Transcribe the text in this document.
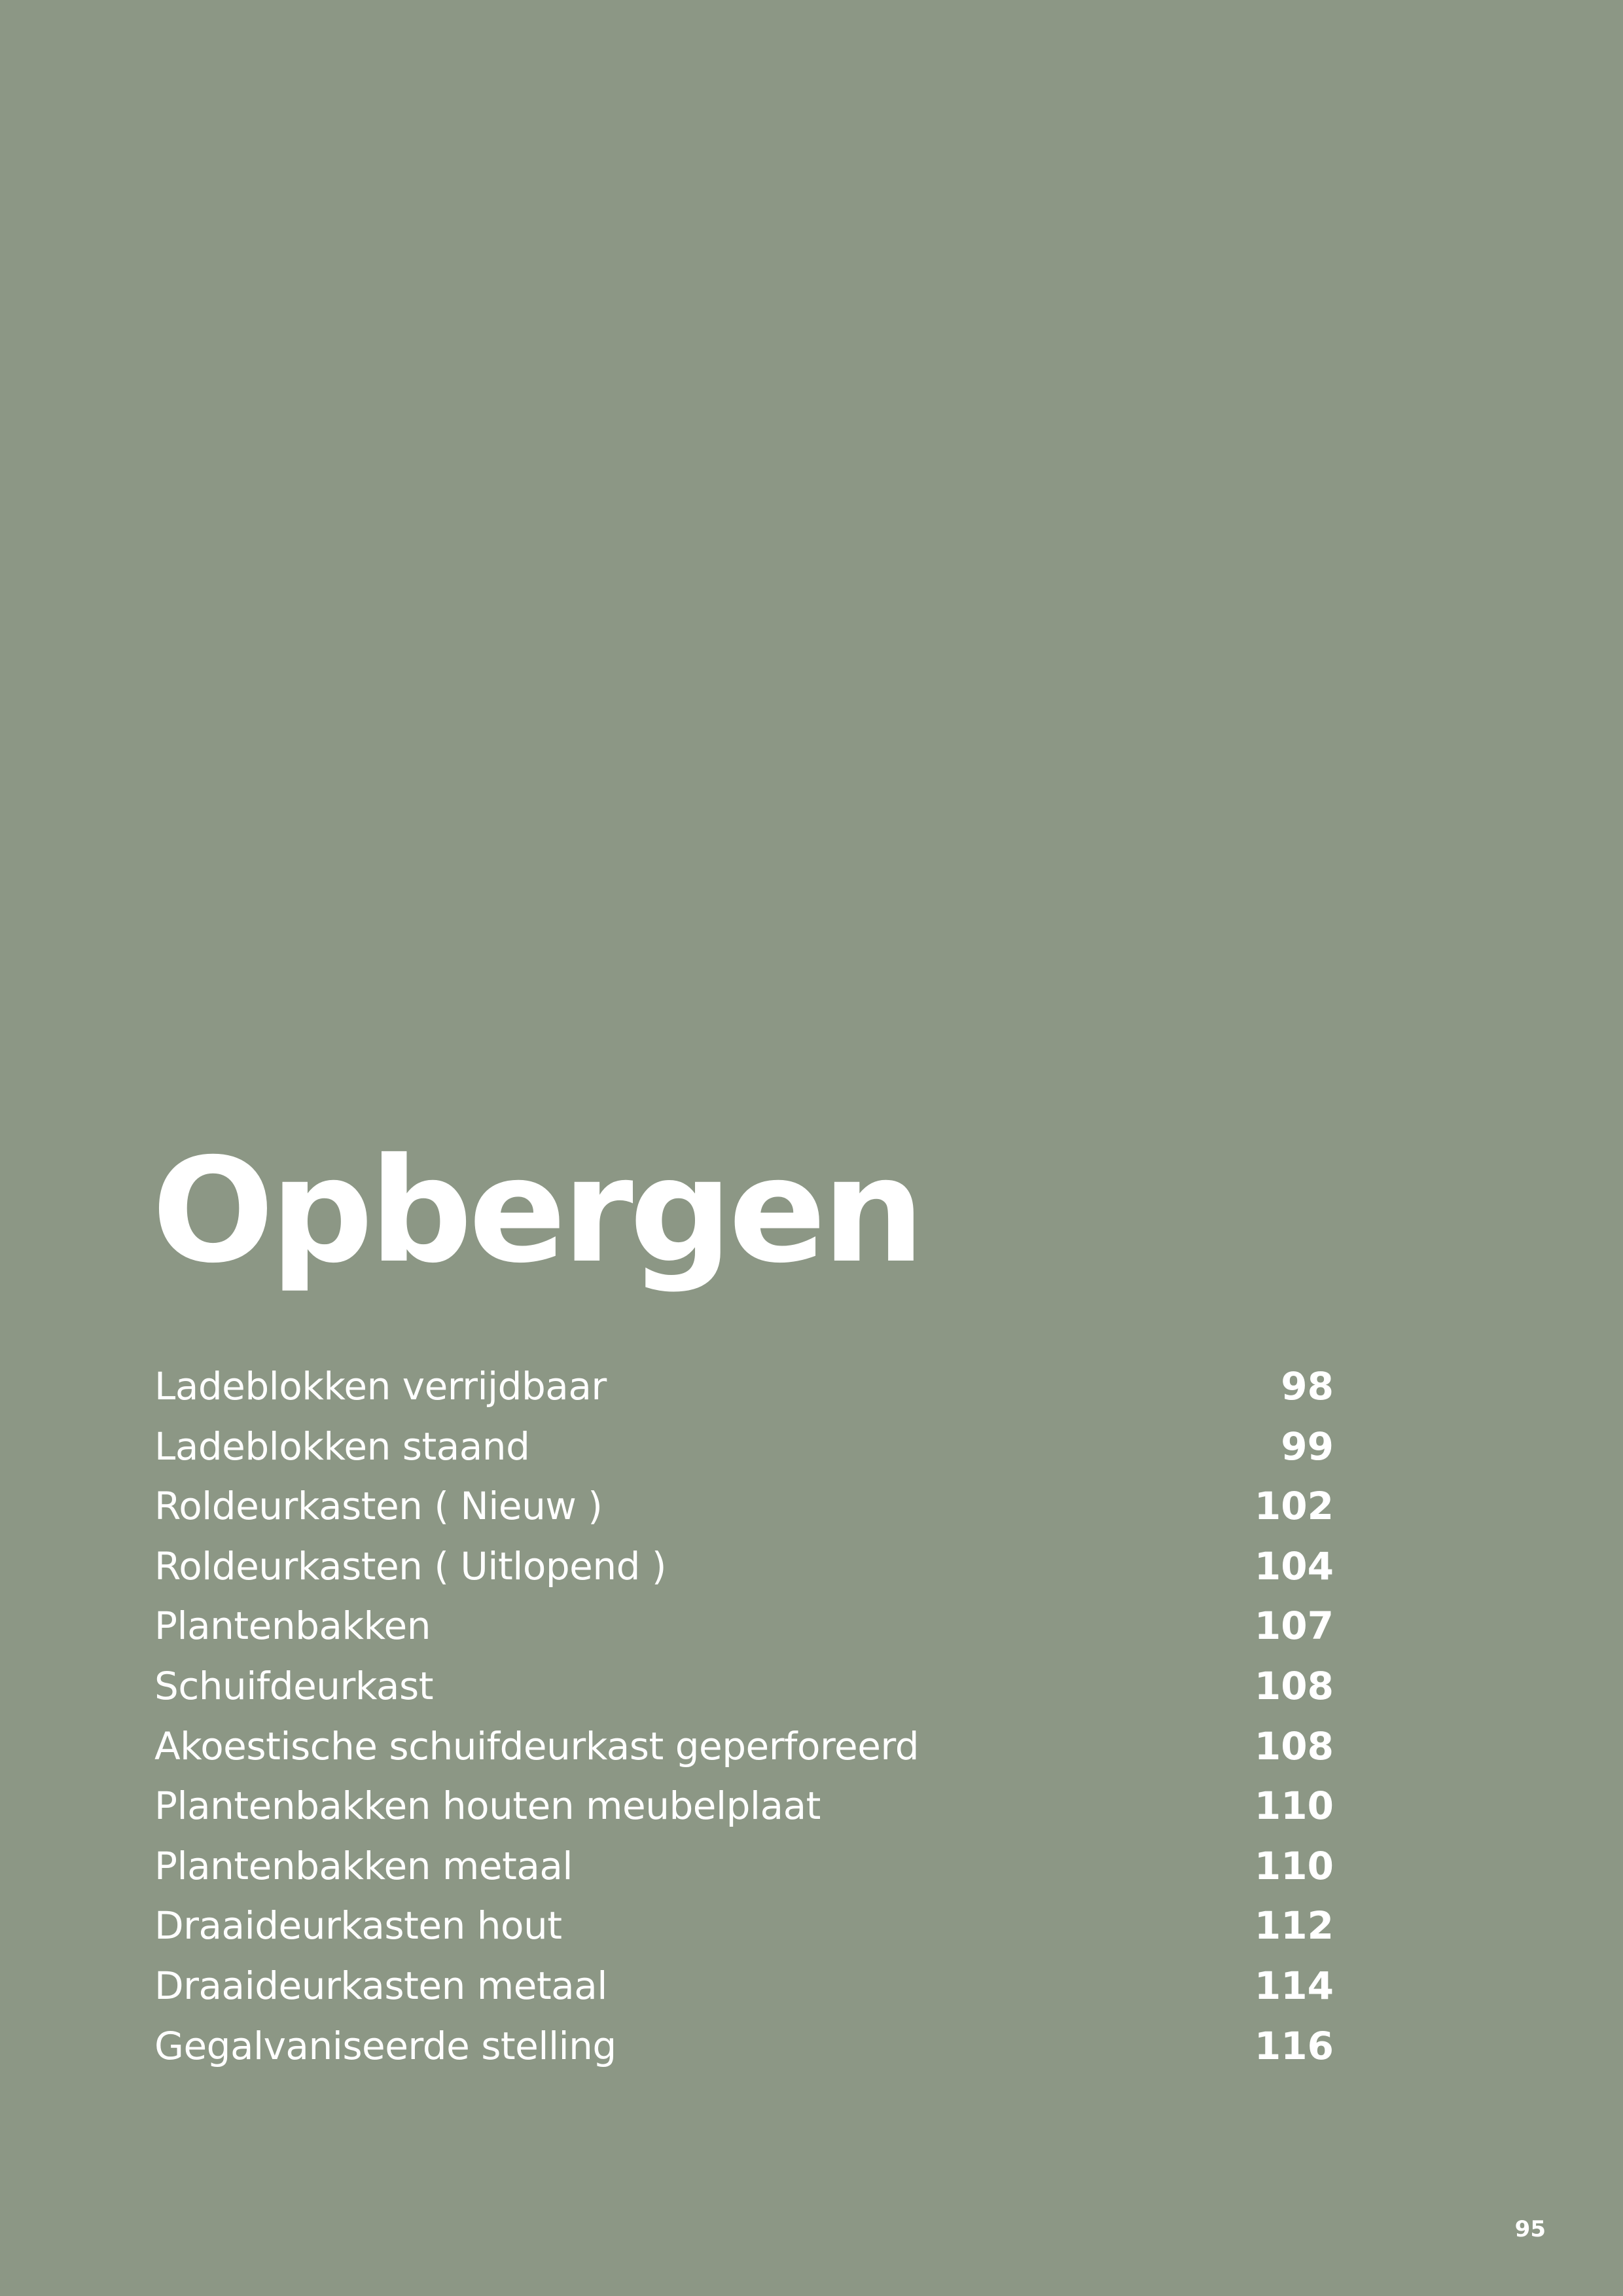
Opbergen
Ladeblokken verrijdbaar	98
Ladeblokken staand	99
Roldeurkasten ( Nieuw )	102
Roldeurkasten ( Uitlopend )	104
Plantenbakken	107
Schuifdeurkast	108
Akoestische schuifdeurkast geperforeerd	108
Plantenbakken houten meubelplaat	110
Plantenbakken metaal	110
Draaideurkasten hout	112
Draaideurkasten metaal	114
Gegalvaniseerde stelling	116
95
